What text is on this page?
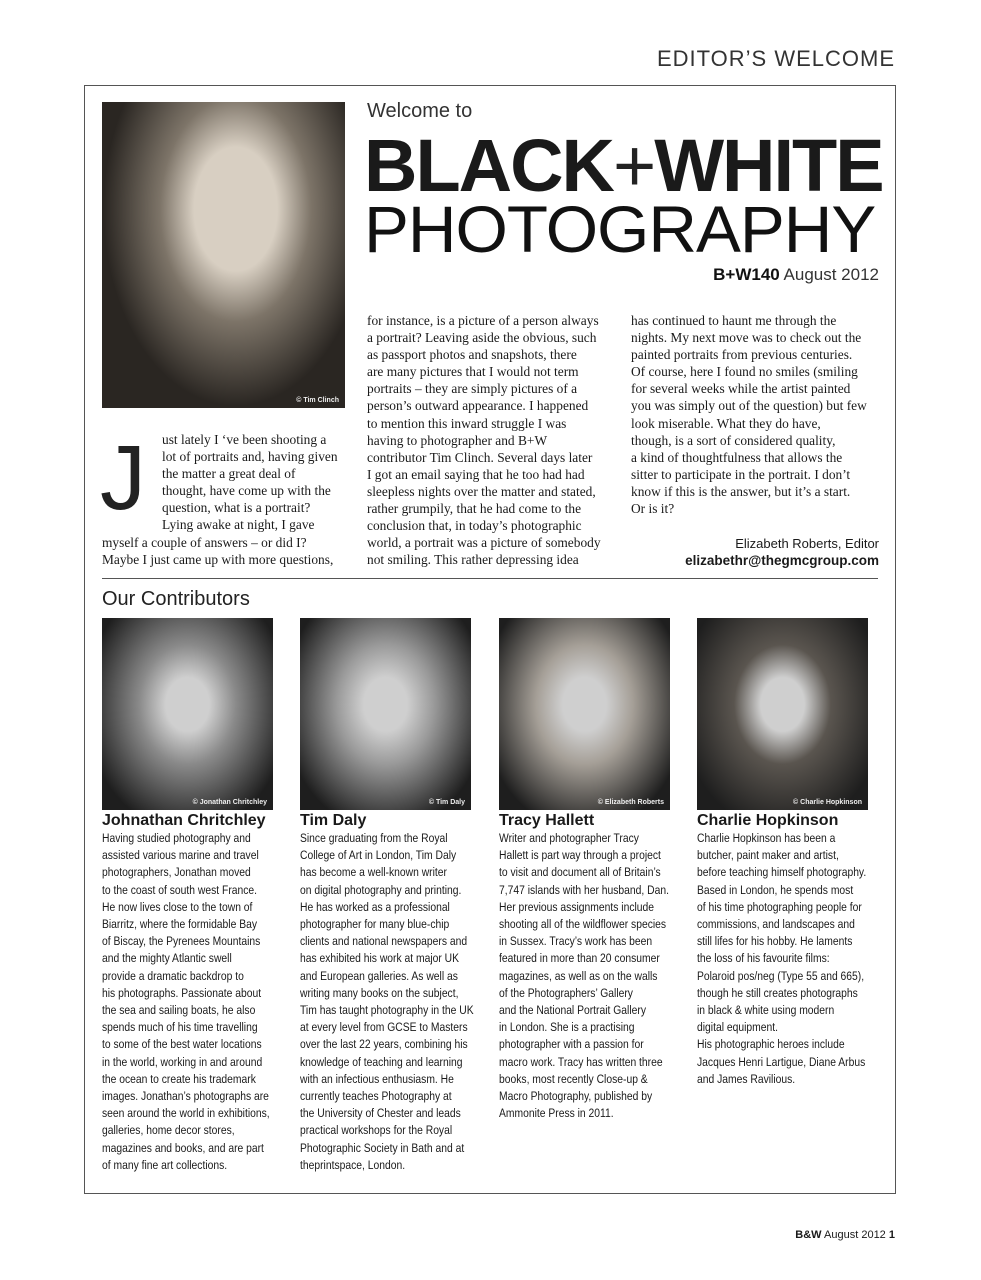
EDITOR’S WELCOME
© Tim Clinch
Welcome to
BLACK+WHITE
PHOTOGRAPHY
B+W140 August 2012
J	ust lately I ‘ve been shooting a
lot of portraits and, having given
the matter a great deal of
thought, have come up with the
question, what is a portrait?
Lying awake at night, I gave
myself a couple of answers – or did I?
Maybe I just came up with more questions,
for instance, is a picture of a person always
a portrait? Leaving aside the obvious, such
as passport photos and snapshots, there
are many pictures that I would not term
portraits – they are simply pictures of a
person’s outward appearance. I happened
to mention this inward struggle I was
having to photographer and B+W
contributor Tim Clinch. Several days later
I got an email saying that he too had had
sleepless nights over the matter and stated,
rather grumpily, that he had come to the
conclusion that, in today’s photographic
world, a portrait was a picture of somebody
not smiling. This rather depressing idea
has continued to haunt me through the
nights. My next move was to check out the
painted portraits from previous centuries.
Of course, here I found no smiles (smiling
for several weeks while the artist painted
you was simply out of the question) but few
look miserable. What they do have,
though, is a sort of considered quality,
a kind of thoughtfulness that allows the
sitter to participate in the portrait. I don’t
know if this is the answer, but it’s a start.
Or is it?
Elizabeth Roberts, Editor
elizabethr@thegmcgroup.com
Our Contributors
© Jonathan Chritchley
Johnathan Chritchley
Having studied photography and
assisted various marine and travel
photographers, Jonathan moved
to the coast of south west France.
He now lives close to the town of
Biarritz, where the formidable Bay
of Biscay, the Pyrenees Mountains
and the mighty Atlantic swell
provide a dramatic backdrop to
his photographs. Passionate about
the sea and sailing boats, he also
spends much of his time travelling
to some of the best water locations
in the world, working in and around
the ocean to create his trademark
images. Jonathan’s photographs are
seen around the world in exhibitions,
galleries, home decor stores,
magazines and books, and are part
of many fine art collections.
© Tim Daly
Tim Daly
Since graduating from the Royal
College of Art in London, Tim Daly
has become a well-known writer
on digital photography and printing.
He has worked as a professional
photographer for many blue-chip
clients and national newspapers and
has exhibited his work at major UK
and European galleries. As well as
writing many books on the subject,
Tim has taught photography in the UK
at every level from GCSE to Masters
over the last 22 years, combining his
knowledge of teaching and learning
with an infectious enthusiasm. He
currently teaches Photography at
the University of Chester and leads
practical workshops for the Royal
Photographic Society in Bath and at
theprintspace, London.
© Elizabeth Roberts
Tracy Hallett
Writer and photographer Tracy
Hallett is part way through a project
to visit and document all of Britain’s
7,747 islands with her husband, Dan.
Her previous assignments include
shooting all of the wildflower species
in Sussex. Tracy’s work has been
featured in more than 20 consumer
magazines, as well as on the walls
of the Photographers’ Gallery
and the National Portrait Gallery
in London. She is a practising
photographer with a passion for
macro work. Tracy has written three
books, most recently Close-up &
Macro Photography, published by
Ammonite Press in 2011.
© Charlie Hopkinson
Charlie Hopkinson
Charlie Hopkinson has been a
butcher, paint maker and artist,
before teaching himself photography.
Based in London, he spends most
of his time photographing people for
commissions, and landscapes and
still lifes for his hobby. He laments
the loss of his favourite films:
Polaroid pos/neg (Type 55 and 665),
though he still creates photographs
in black & white using modern
digital equipment.
His photographic heroes include
Jacques Henri Lartigue, Diane Arbus
and James Ravilious.
B&W August 2012 1
